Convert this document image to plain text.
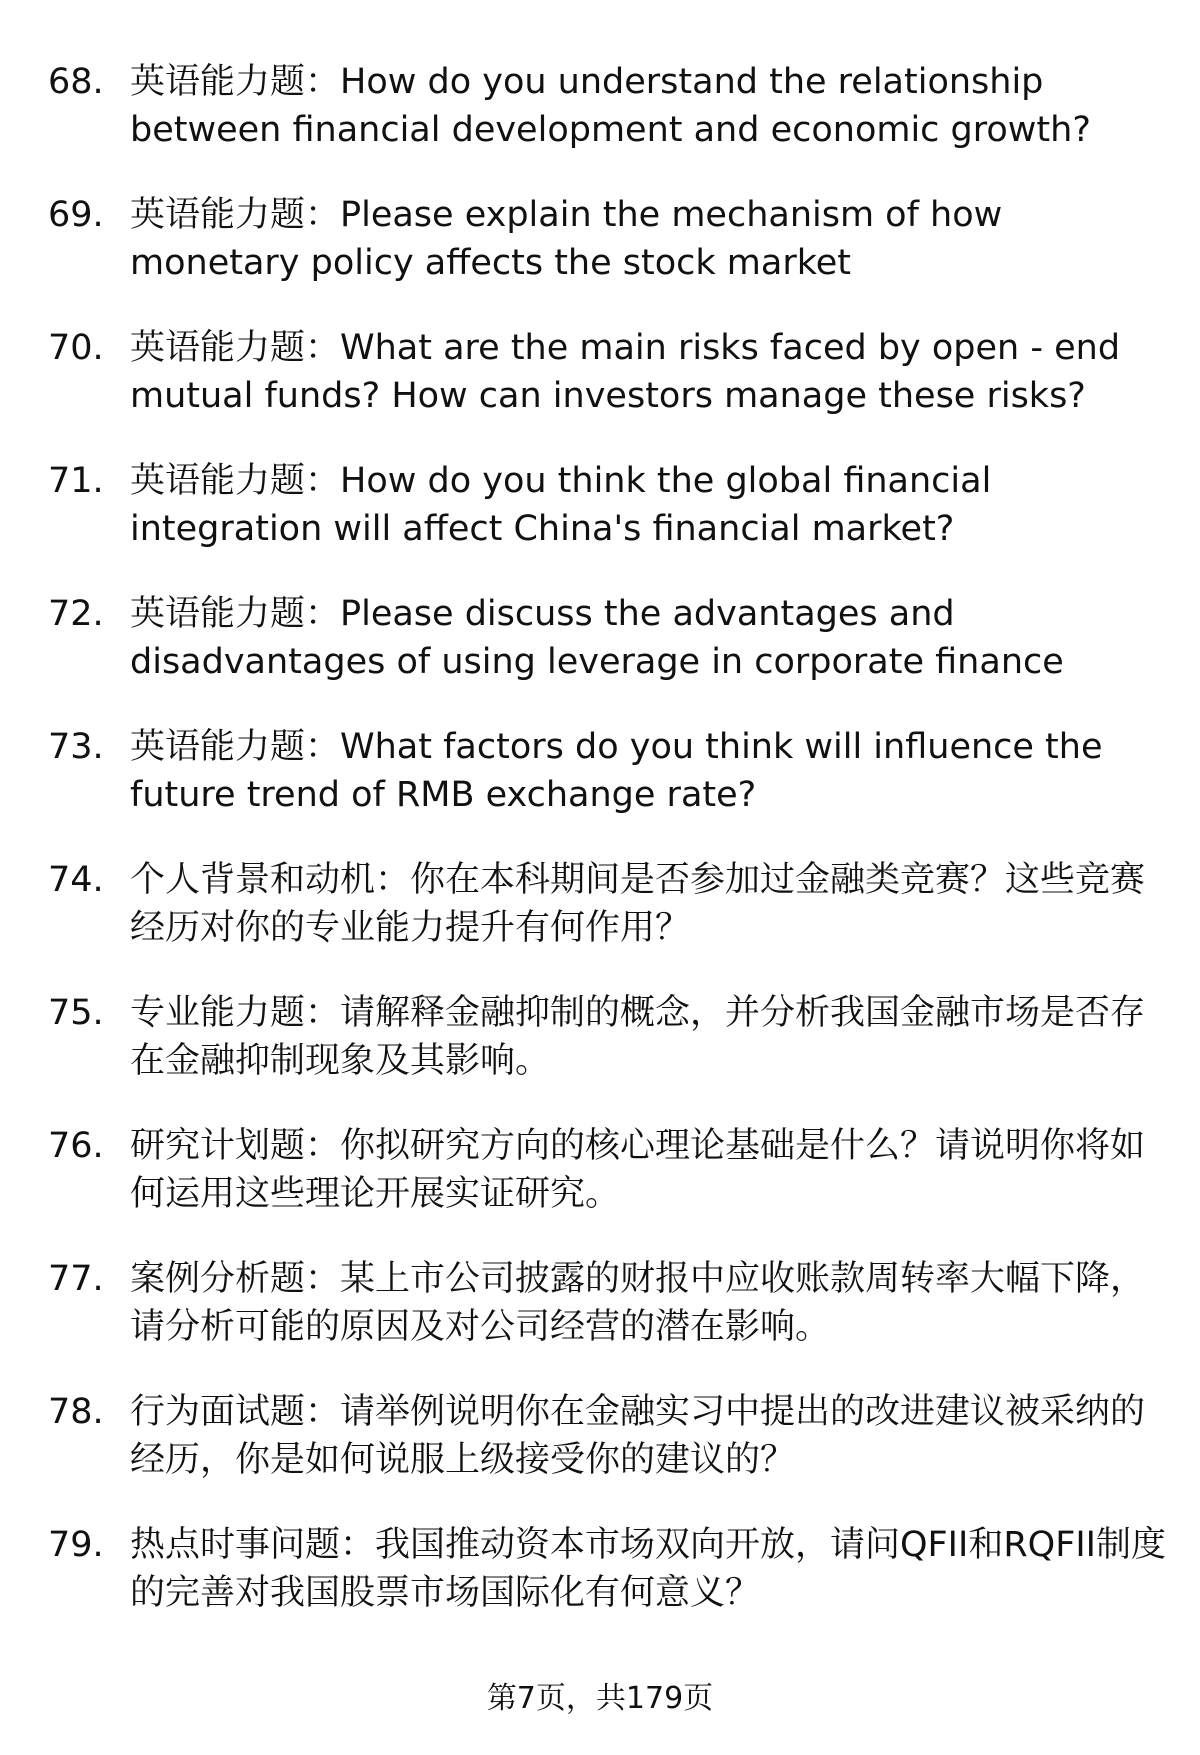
68. 英语能力题：How do you understand the relationship between financial development and economic growth?
69. 英语能力题：Please explain the mechanism of how monetary policy affects the stock market
70. 英语能力题：What are the main risks faced by open - end mutual funds? How can investors manage these risks?
71. 英语能力题：How do you think the global financial integration will affect China's financial market?
72. 英语能力题：Please discuss the advantages and disadvantages of using leverage in corporate finance
73. 英语能力题：What factors do you think will influence the future trend of RMB exchange rate?
74. 个人背景和动机：你在本科期间是否参加过金融类竞赛？这些竞赛经历对你的专业能力提升有何作用？
75. 专业能力题：请解释金融抑制的概念，并分析我国金融市场是否存在金融抑制现象及其影响。
76. 研究计划题：你拟研究方向的核心理论基础是什么？请说明你将如何运用这些理论开展实证研究。
77. 案例分析题：某上市公司披露的财报中应收账款周转率大幅下降，请分析可能的原因及对公司经营的潜在影响。
78. 行为面试题：请举例说明你在金融实习中提出的改进建议被采纳的经历，你是如何说服上级接受你的建议的？
79. 热点时事问题：我国推动资本市场双向开放，请问QFII和RQFII制度的完善对我国股票市场国际化有何意义？
第7页，共179页
